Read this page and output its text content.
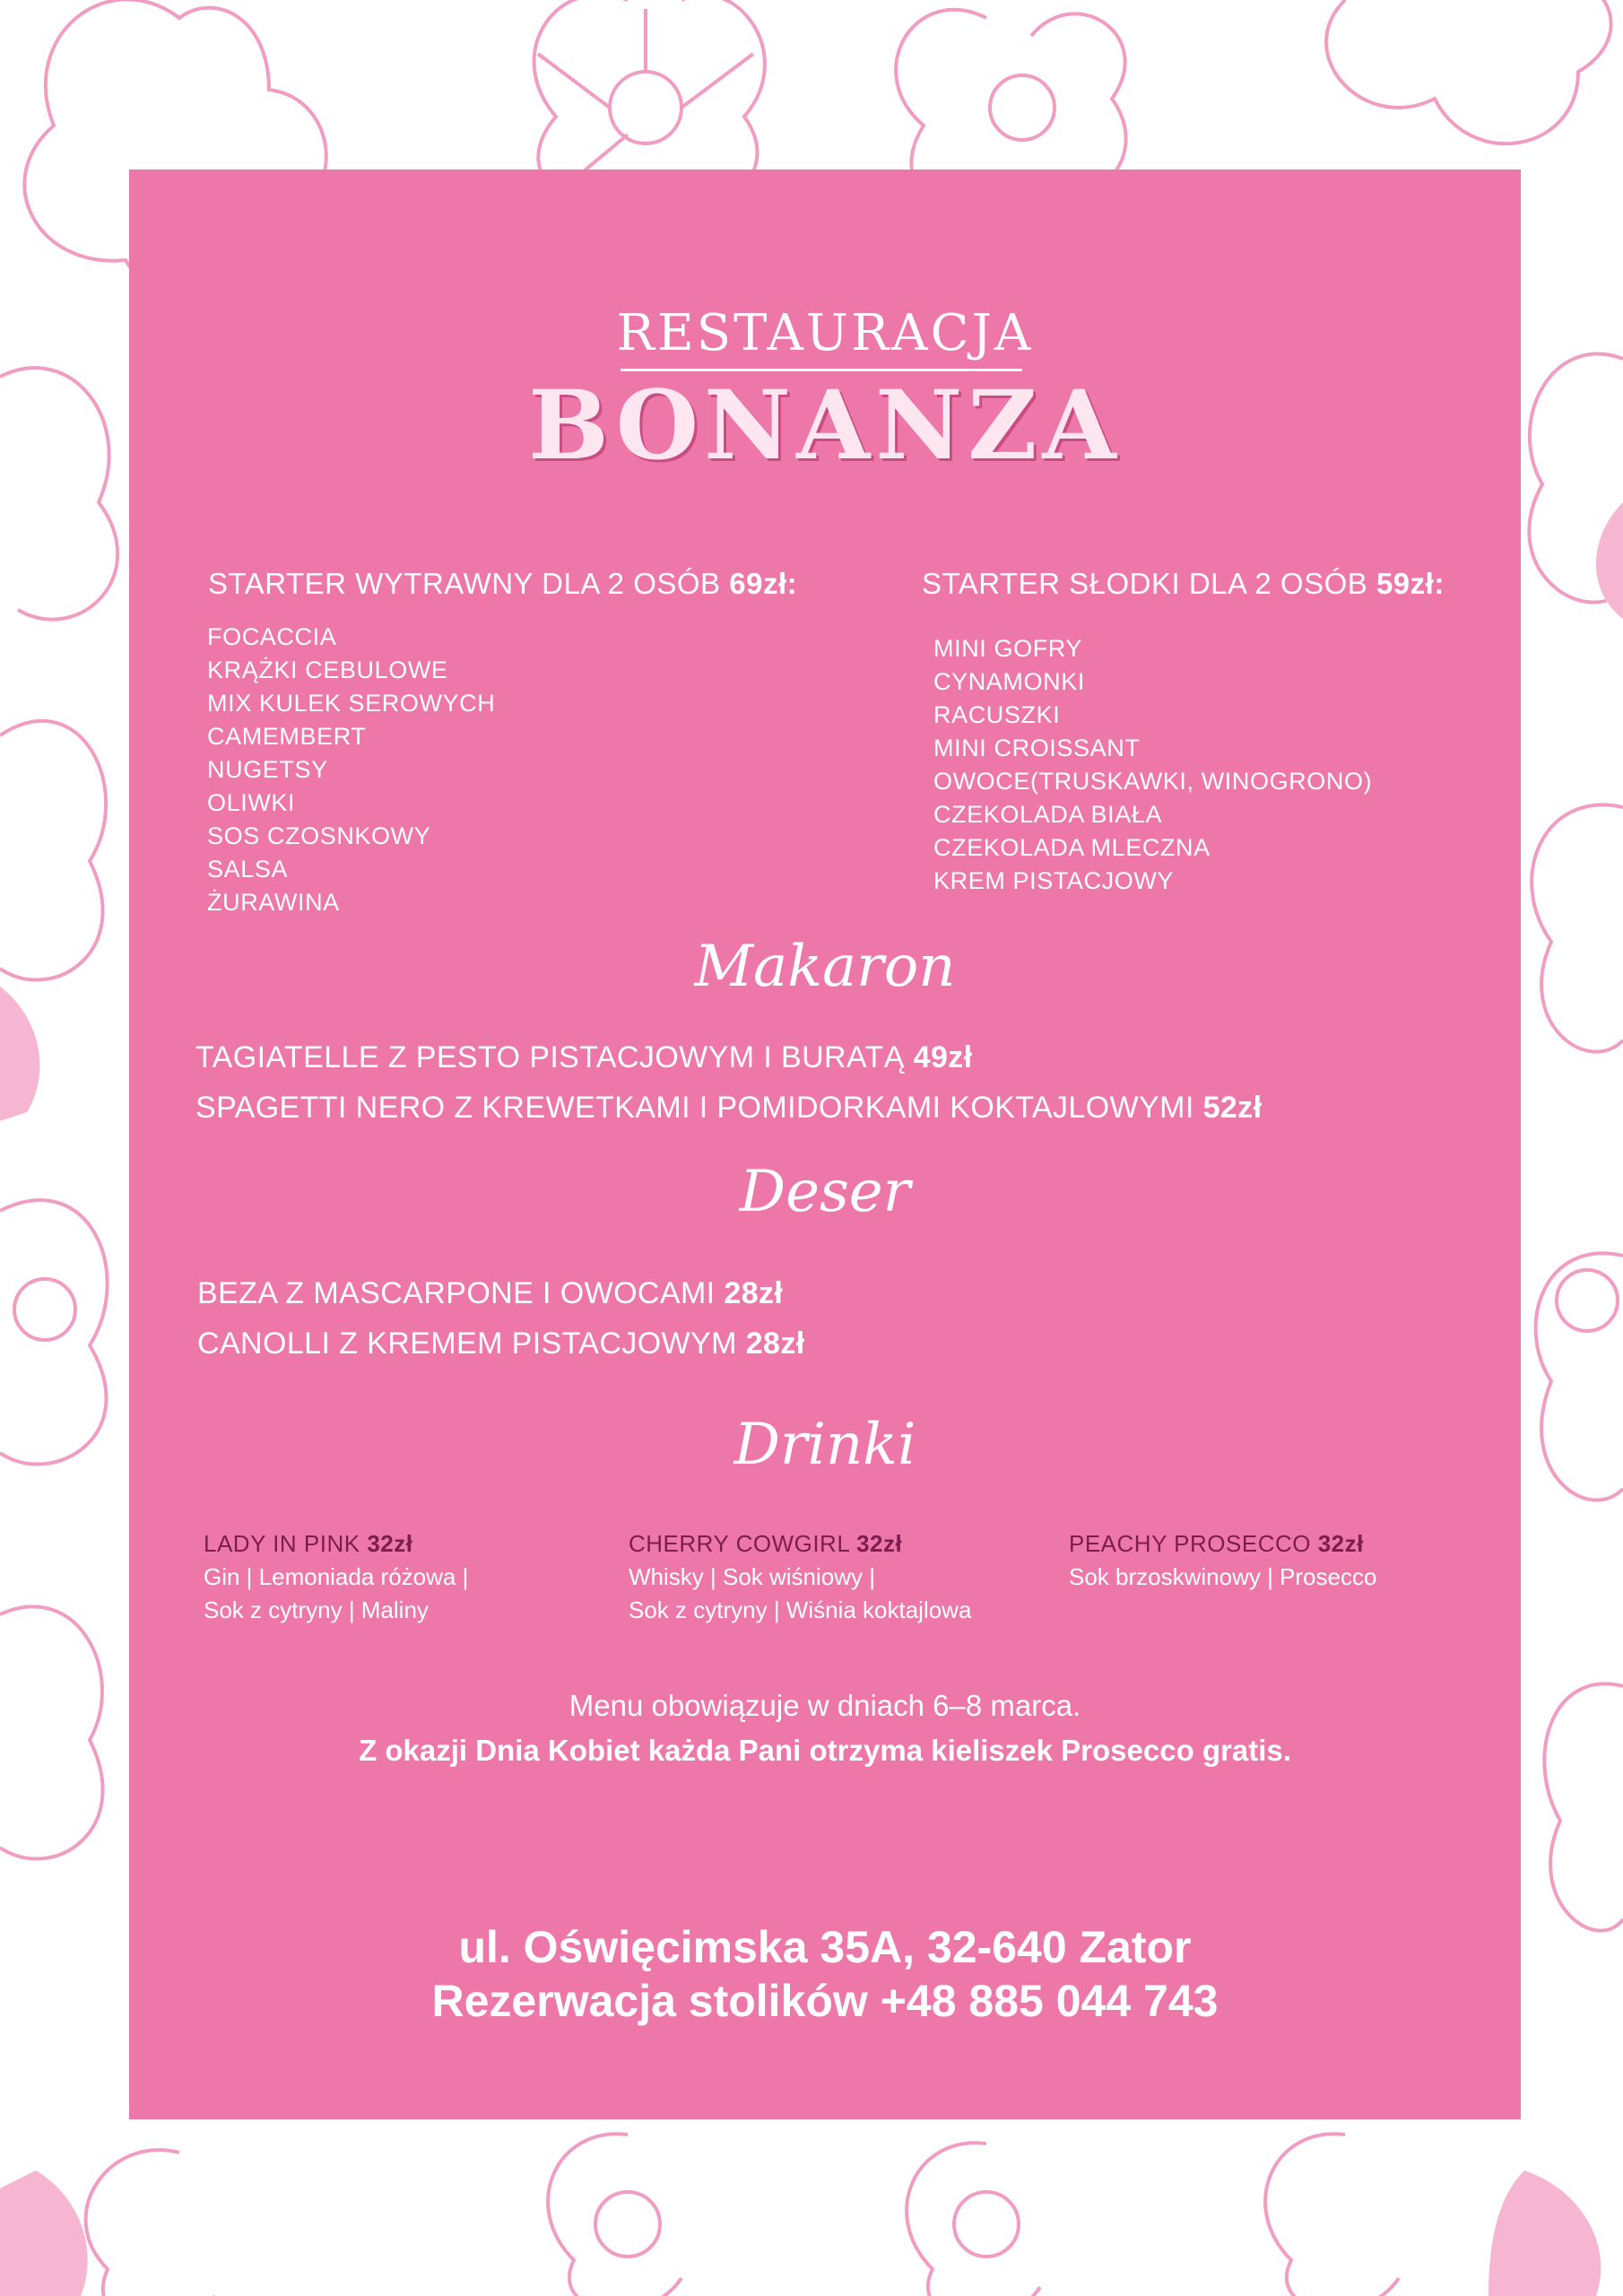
RESTAURACJA
BONANZA
STARTER WYTRAWNY DLA 2 OSÓB 69zł:
FOCACCIA
KRĄŻKI CEBULOWE
MIX KULEK SEROWYCH
CAMEMBERT
NUGETSY
OLIWKI
SOS CZOSNKOWY
SALSA
ŻURAWINA
STARTER SŁODKI DLA 2 OSÓB 59zł:
MINI GOFRY
CYNAMONKI
RACUSZKI
MINI CROISSANT
OWOCE(TRUSKAWKI, WINOGRONO)
CZEKOLADA BIAŁA
CZEKOLADA MLECZNA
KREM PISTACJOWY
Makaron
TAGIATELLE Z PESTO PISTACJOWYM I BURATĄ 49zł
SPAGETTI NERO Z KREWETKAMI I POMIDORKAMI KOKTAJLOWYMI 52zł
Deser
BEZA Z MASCARPONE I OWOCAMI 28zł
CANOLLI Z KREMEM PISTACJOWYM 28zł
Drinki
LADY IN PINK 32zł
Gin | Lemoniada różowa |
Sok z cytryny | Maliny
CHERRY COWGIRL 32zł
Whisky | Sok wiśniowy |
Sok z cytryny | Wiśnia koktajlowa
PEACHY PROSECCO 32zł
Sok brzoskwinowy | Prosecco
Menu obowiązuje w dniach 6–8 marca.
Z okazji Dnia Kobiet każda Pani otrzyma kieliszek Prosecco gratis.
ul. Oświęcimska 35A, 32-640 Zator
Rezerwacja stolików +48 885 044 743
